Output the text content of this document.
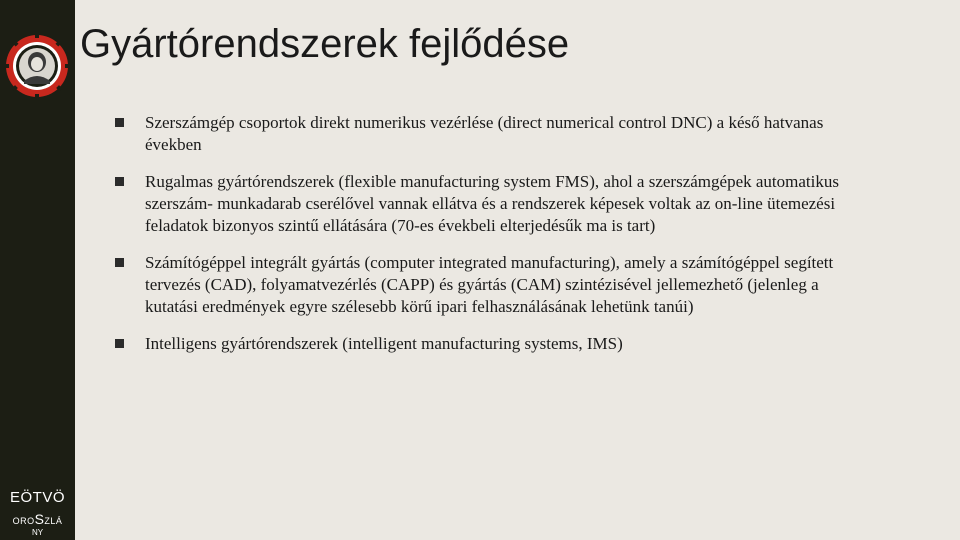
EÖTVÖ
OROSZLÁ
NY
Gyártórendszerek fejlődése
Szerszámgép csoportok direkt numerikus vezérlése (direct numerical control DNC) a késő hatvanas években
Rugalmas gyártórendszerek (flexible manufacturing system FMS), ahol a szerszámgépek automatikus szerszám- munkadarab cserélővel vannak ellátva és a rendszerek képesek voltak az on-line ütemezési feladatok bizonyos szintű ellátására (70-es évekbeli elterjedésűk ma is tart)
Számítógéppel integrált gyártás (computer integrated manufacturing), amely a számítógéppel segített tervezés (CAD), folyamatvezérlés (CAPP) és gyártás (CAM) szintézisével jellemezhető (jelenleg a kutatási eredmények egyre szélesebb körű ipari felhasználásának lehetünk tanúi)
Intelligens gyártórendszerek (intelligent manufacturing systems, IMS)
